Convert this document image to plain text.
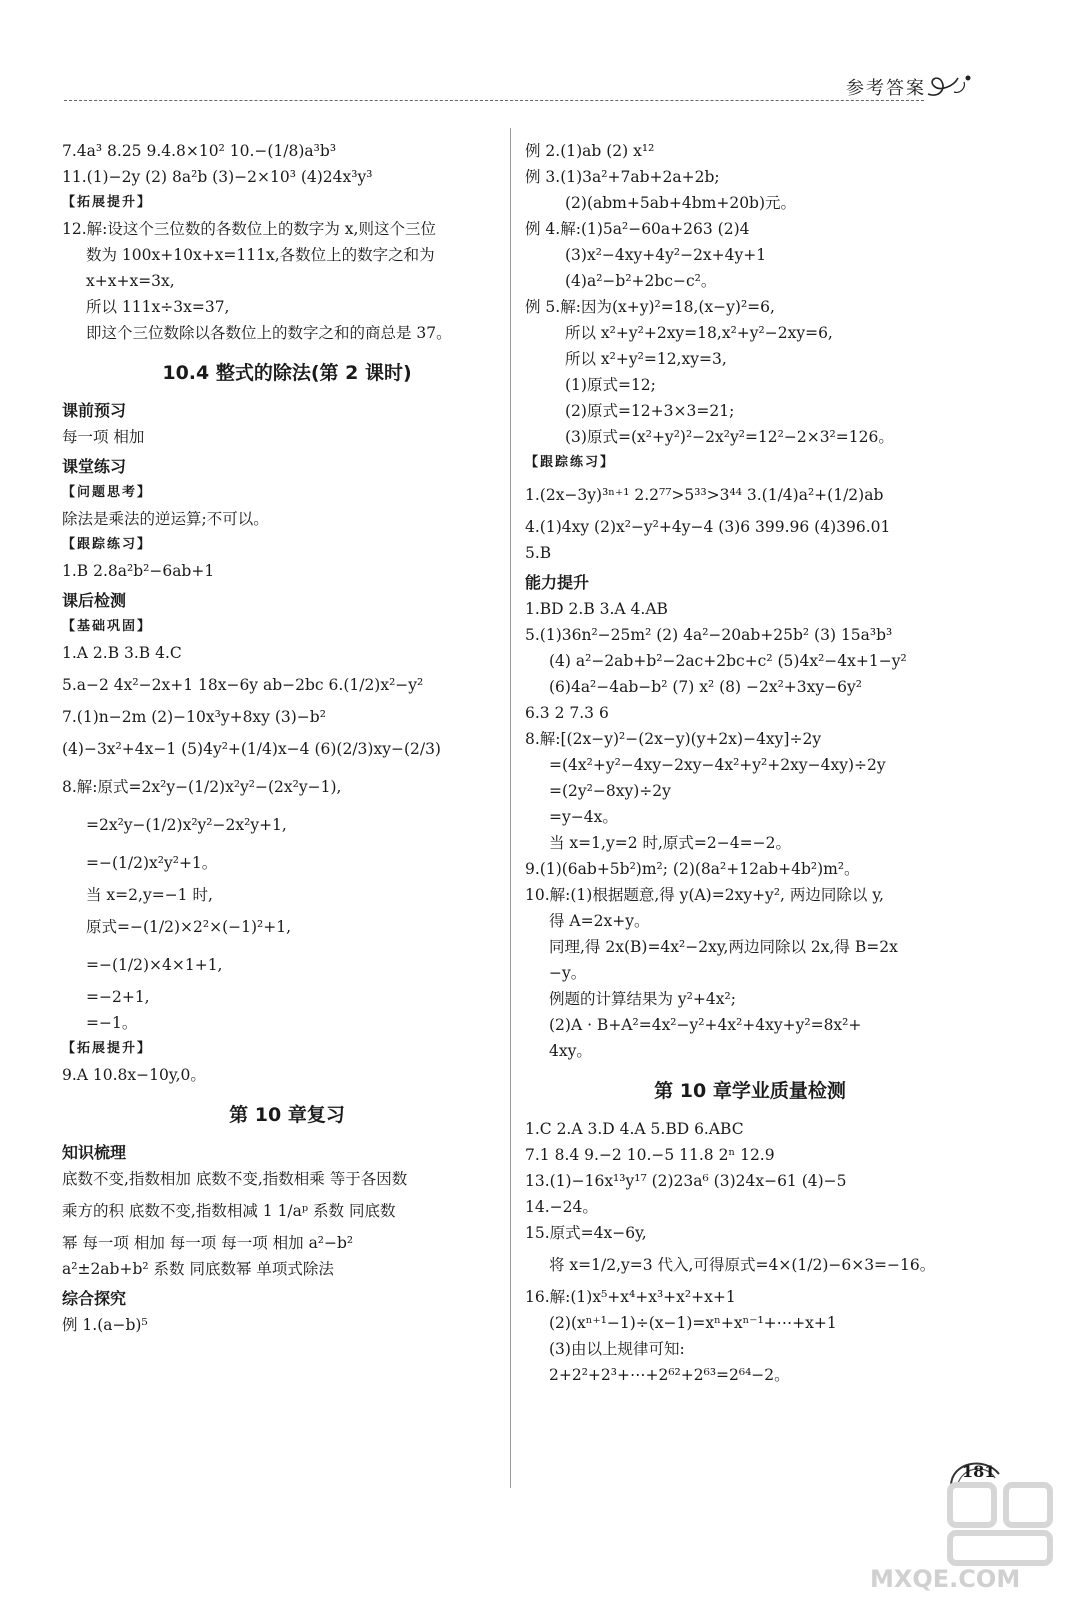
参考答案
7.4a³ 8.25 9.4.8×10² 10.−(1/8)a³b³
11.(1)−2y (2) 8a²b (3)−2×10³ (4)24x³y³
【拓展提升】
12.解:设这个三位数的各数位上的数字为 x,则这个三位
数为 100x+10x+x=111x,各数位上的数字之和为
x+x+x=3x,
所以 111x÷3x=37,
即这个三位数除以各数位上的数字之和的商总是 37。
10.4 整式的除法(第 2 课时)
课前预习
每一项 相加
课堂练习
【问题思考】
除法是乘法的逆运算;不可以。
【跟踪练习】
1.B 2.8a²b²−6ab+1
课后检测
【基础巩固】
1.A 2.B 3.B 4.C
5.a−2 4x²−2x+1 18x−6y ab−2bc 6.(1/2)x²−y²
7.(1)n−2m (2)−10x³y+8xy (3)−b²
(4)−3x²+4x−1 (5)4y²+(1/4)x−4 (6)(2/3)xy−(2/3)
8.解:原式=2x²y−(1/2)x²y²−(2x²y−1),
=2x²y−(1/2)x²y²−2x²y+1,
=−(1/2)x²y²+1。
当 x=2,y=−1 时,
原式=−(1/2)×2²×(−1)²+1,
=−(1/2)×4×1+1,
=−2+1,
=−1。
【拓展提升】
9.A 10.8x−10y,0。
第 10 章复习
知识梳理
底数不变,指数相加 底数不变,指数相乘 等于各因数
乘方的积 底数不变,指数相减 1 1/aᵖ 系数 同底数
幂 每一项 相加 每一项 每一项 相加 a²−b²
a²±2ab+b² 系数 同底数幂 单项式除法
综合探究
例 1.(a−b)⁵
例 2.(1)ab (2) x¹²
例 3.(1)3a²+7ab+2a+2b;
(2)(abm+5ab+4bm+20b)元。
例 4.解:(1)5a²−60a+263 (2)4
(3)x²−4xy+4y²−2x+4y+1
(4)a²−b²+2bc−c²。
例 5.解:因为(x+y)²=18,(x−y)²=6,
所以 x²+y²+2xy=18,x²+y²−2xy=6,
所以 x²+y²=12,xy=3,
(1)原式=12;
(2)原式=12+3×3=21;
(3)原式=(x²+y²)²−2x²y²=12²−2×3²=126。
【跟踪练习】
1.(2x−3y)³ⁿ⁺¹ 2.2⁷⁷>5³³>3⁴⁴ 3.(1/4)a²+(1/2)ab
4.(1)4xy (2)x²−y²+4y−4 (3)6 399.96 (4)396.01
5.B
能力提升
1.BD 2.B 3.A 4.AB
5.(1)36n²−25m² (2) 4a²−20ab+25b² (3) 15a³b³
(4) a²−2ab+b²−2ac+2bc+c² (5)4x²−4x+1−y²
(6)4a²−4ab−b² (7) x² (8) −2x²+3xy−6y²
6.3 2 7.3 6
8.解:[(2x−y)²−(2x−y)(y+2x)−4xy]÷2y
=(4x²+y²−4xy−2xy−4x²+y²+2xy−4xy)÷2y
=(2y²−8xy)÷2y
=y−4x。
当 x=1,y=2 时,原式=2−4=−2。
9.(1)(6ab+5b²)m²; (2)(8a²+12ab+4b²)m²。
10.解:(1)根据题意,得 y(A)=2xy+y², 两边同除以 y,
得 A=2x+y。
同理,得 2x(B)=4x²−2xy,两边同除以 2x,得 B=2x
−y。
例题的计算结果为 y²+4x²;
(2)A · B+A²=4x²−y²+4x²+4xy+y²=8x²+
4xy。
第 10 章学业质量检测
1.C 2.A 3.D 4.A 5.BD 6.ABC
7.1 8.4 9.−2 10.−5 11.8 2ⁿ 12.9
13.(1)−16x¹³y¹⁷ (2)23a⁶ (3)24x−61 (4)−5
14.−24。
15.原式=4x−6y,
将 x=1/2,y=3 代入,可得原式=4×(1/2)−6×3=−16。
16.解:(1)x⁵+x⁴+x³+x²+x+1
(2)(xⁿ⁺¹−1)÷(x−1)=xⁿ+xⁿ⁻¹+⋯+x+1
(3)由以上规律可知:
2+2²+2³+⋯+2⁶²+2⁶³=2⁶⁴−2。
181
MXQE.COM
